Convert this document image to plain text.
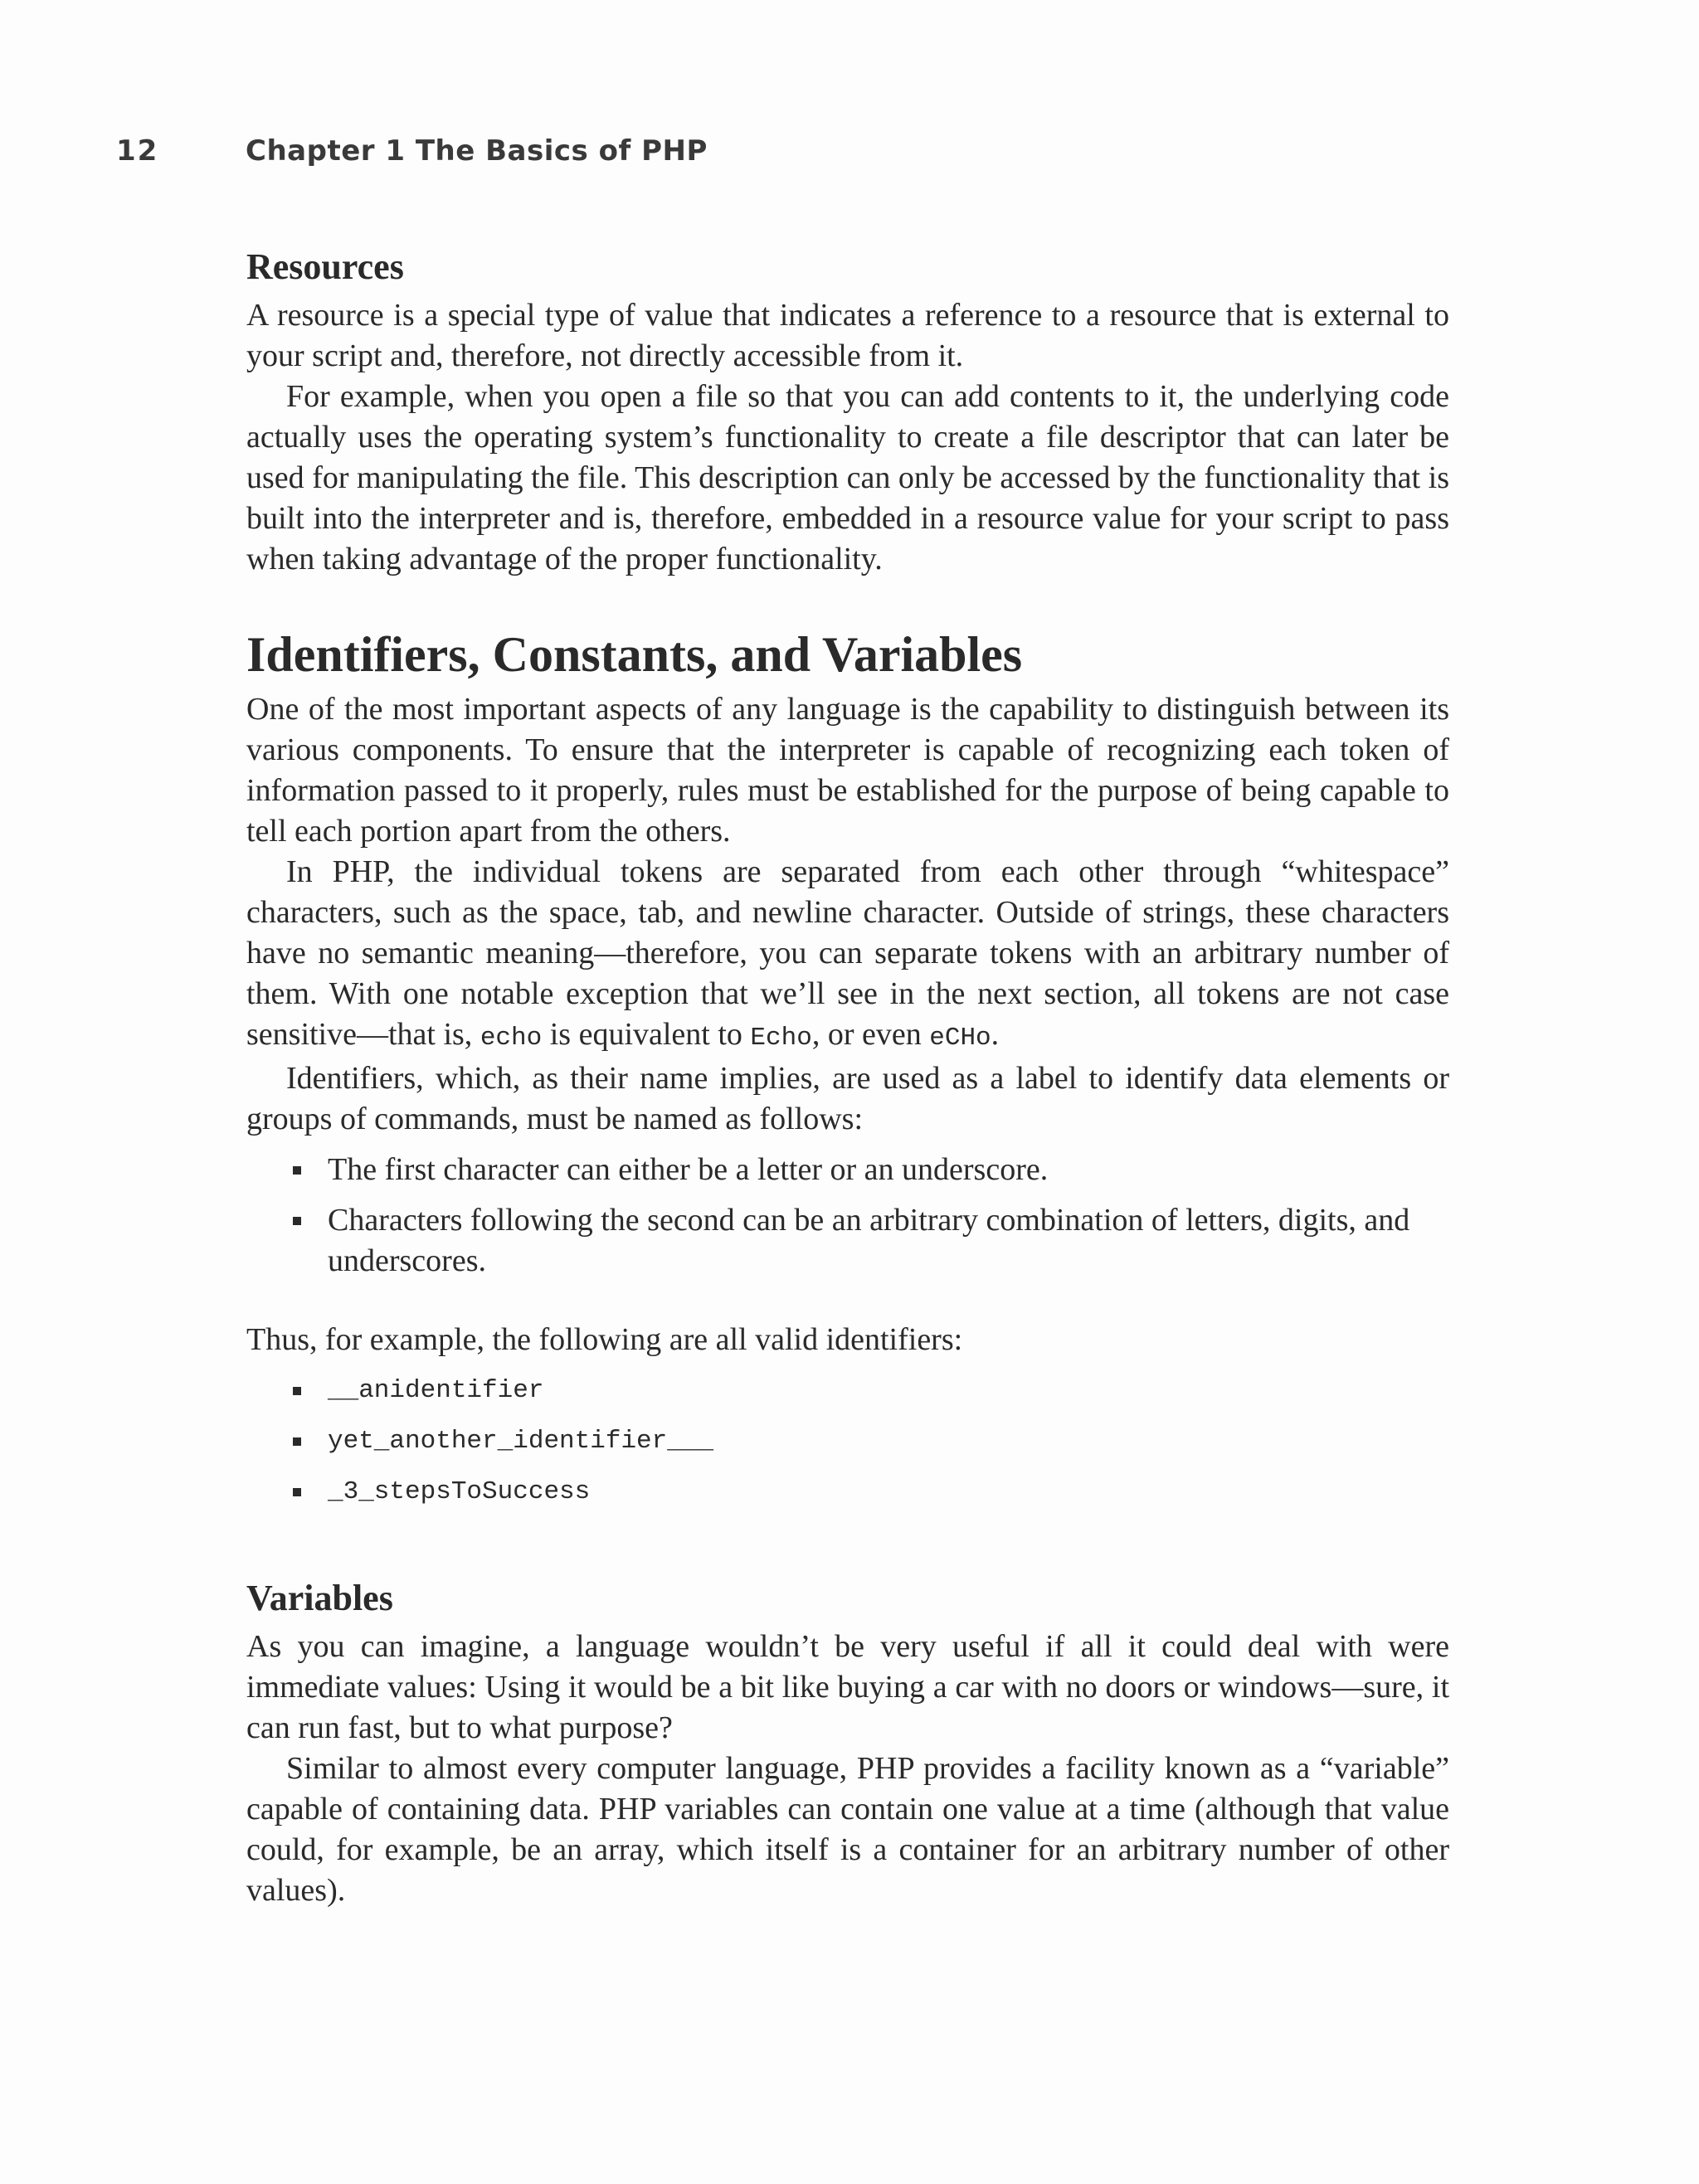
12	Chapter 1 The Basics of PHP
Resources

A resource is a special type of value that indicates a reference to a resource that is external to your script and, therefore, not directly accessible from it.

For example, when you open a file so that you can add contents to it, the underlying code actually uses the operating system’s functionality to create a file descriptor that can later be used for manipulating the file. This description can only be accessed by the functionality that is built into the interpreter and is, therefore, embedded in a resource value for your script to pass when taking advantage of the proper functionality.

Identifiers, Constants, and Variables

One of the most important aspects of any language is the capability to distinguish between its various components. To ensure that the interpreter is capable of recognizing each token of information passed to it properly, rules must be established for the purpose of being capable to tell each portion apart from the others.

In PHP, the individual tokens are separated from each other through “whitespace” characters, such as the space, tab, and newline character. Outside of strings, these characters have no semantic meaning—therefore, you can separate tokens with an arbitrary number of them. With one notable exception that we’ll see in the next section, all tokens are not case sensitive—that is, echo is equivalent to Echo, or even eCHo.

Identifiers, which, as their name implies, are used as a label to identify data elements or groups of commands, must be named as follows:

The first character can either be a letter or an underscore.
Characters following the second can be an arbitrary combination of letters, digits, and underscores.

Thus, for example, the following are all valid identifiers:

__anidentifier
yet_another_identifier___
_3_stepsToSuccess
Variables

As you can imagine, a language wouldn’t be very useful if all it could deal with were immediate values: Using it would be a bit like buying a car with no doors or windows—sure, it can run fast, but to what purpose?

Similar to almost every computer language, PHP provides a facility known as a “variable” capable of containing data. PHP variables can contain one value at a time (although that value could, for example, be an array, which itself is a container for an arbitrary number of other values).
